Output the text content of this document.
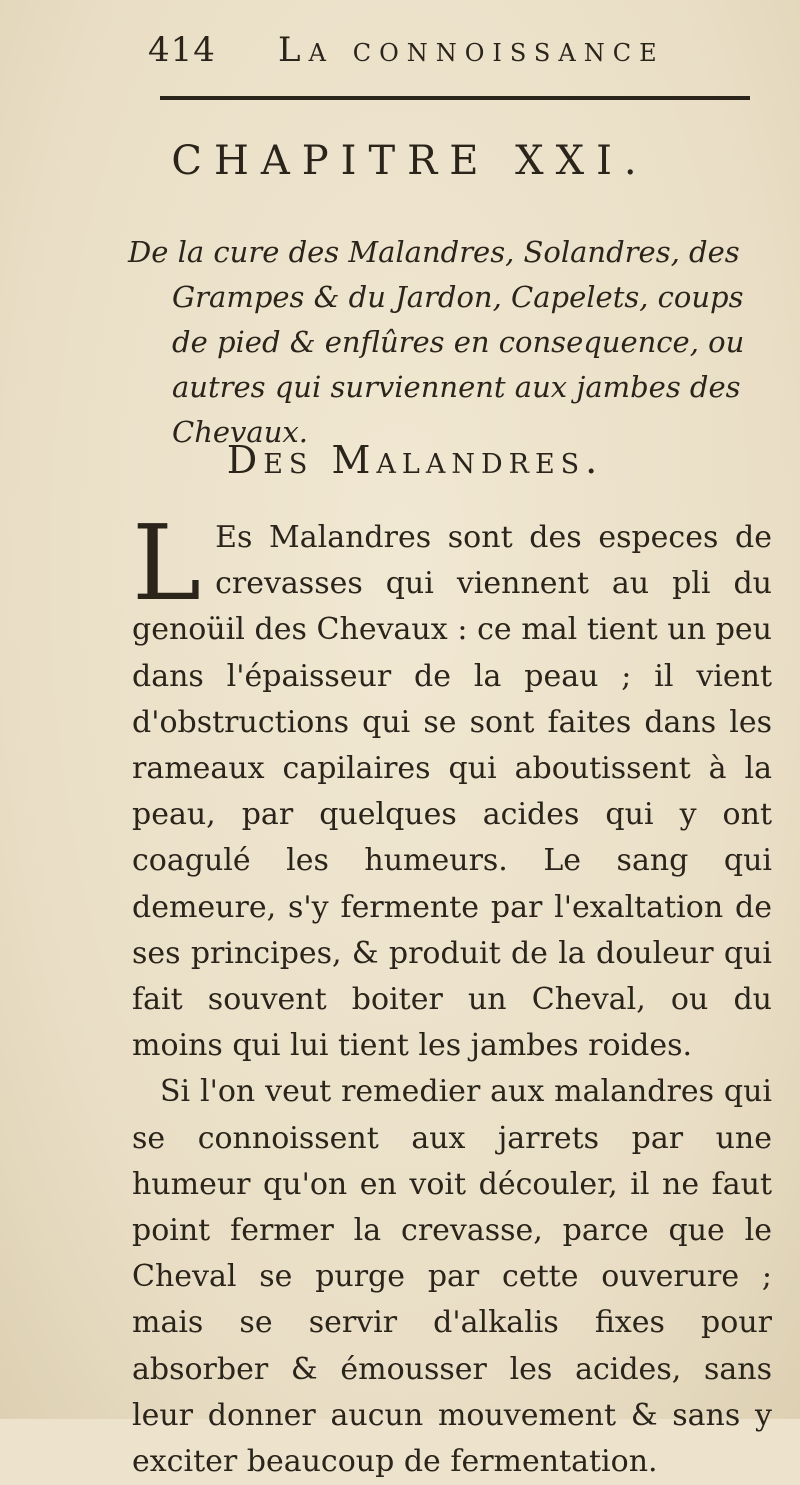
414 La connoissance
CHAPITRE XXI.
De la cure des Malandres, Solandres, des Grampes & du Jardon, Capelets, coups de pied & enflûres en consequence, ou autres qui surviennent aux jambes des Chevaux.
Des Malandres.

L Es Malandres sont des especes de crevasses qui viennent au pli du genoüil des Chevaux : ce mal tient un peu dans l'épaisseur de la peau ; il vient d'obstructions qui se sont faites dans les rameaux capilaires qui aboutissent à la peau, par quelques acides qui y ont coagulé les humeurs. Le sang qui demeure, s'y fermente par l'exaltation de ses principes, & produit de la douleur qui fait souvent boiter un Cheval, ou du moins qui lui tient les jambes roides.

Si l'on veut remedier aux malandres qui se connoissent aux jarrets par une humeur qu'on en voit découler, il ne faut point fermer la crevasse, parce que le Cheval se purge par cette ouverure ; mais se servir d'alkalis fixes pour absorber & émousser les acides, sans leur donner aucun mouvement & sans y exciter beaucoup de fermentation.
